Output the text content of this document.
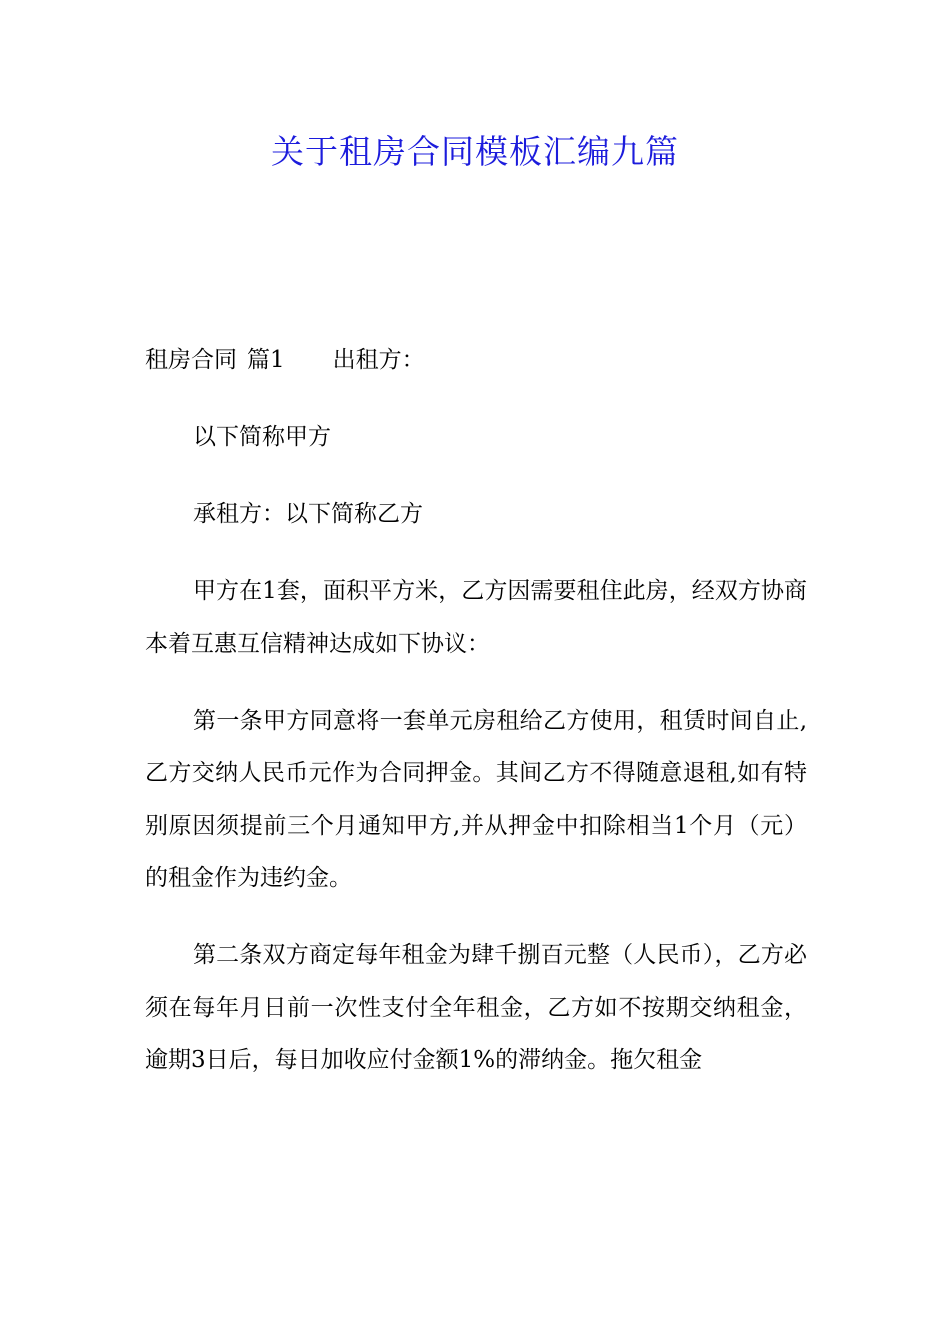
关于租房合同模板汇编九篇

租房合同 篇1 出租方：

以下简称甲方

承租方：以下简称乙方

甲方在1套，面积平方米，乙方因需要租住此房，经双方协商本着互惠互信精神达成如下协议：

第一条甲方同意将一套单元房租给乙方使用，租赁时间自止,乙方交纳人民币元作为合同押金。其间乙方不得随意退租,如有特别原因须提前三个月通知甲方,并从押金中扣除相当1个月（元）的租金作为违约金。

第二条双方商定每年租金为肆千捌百元整（人民币），乙方必须在每年月日前一次性支付全年租金，乙方如不按期交纳租金，逾期3日后，每日加收应付金额1%的滞纳金。拖欠租金
